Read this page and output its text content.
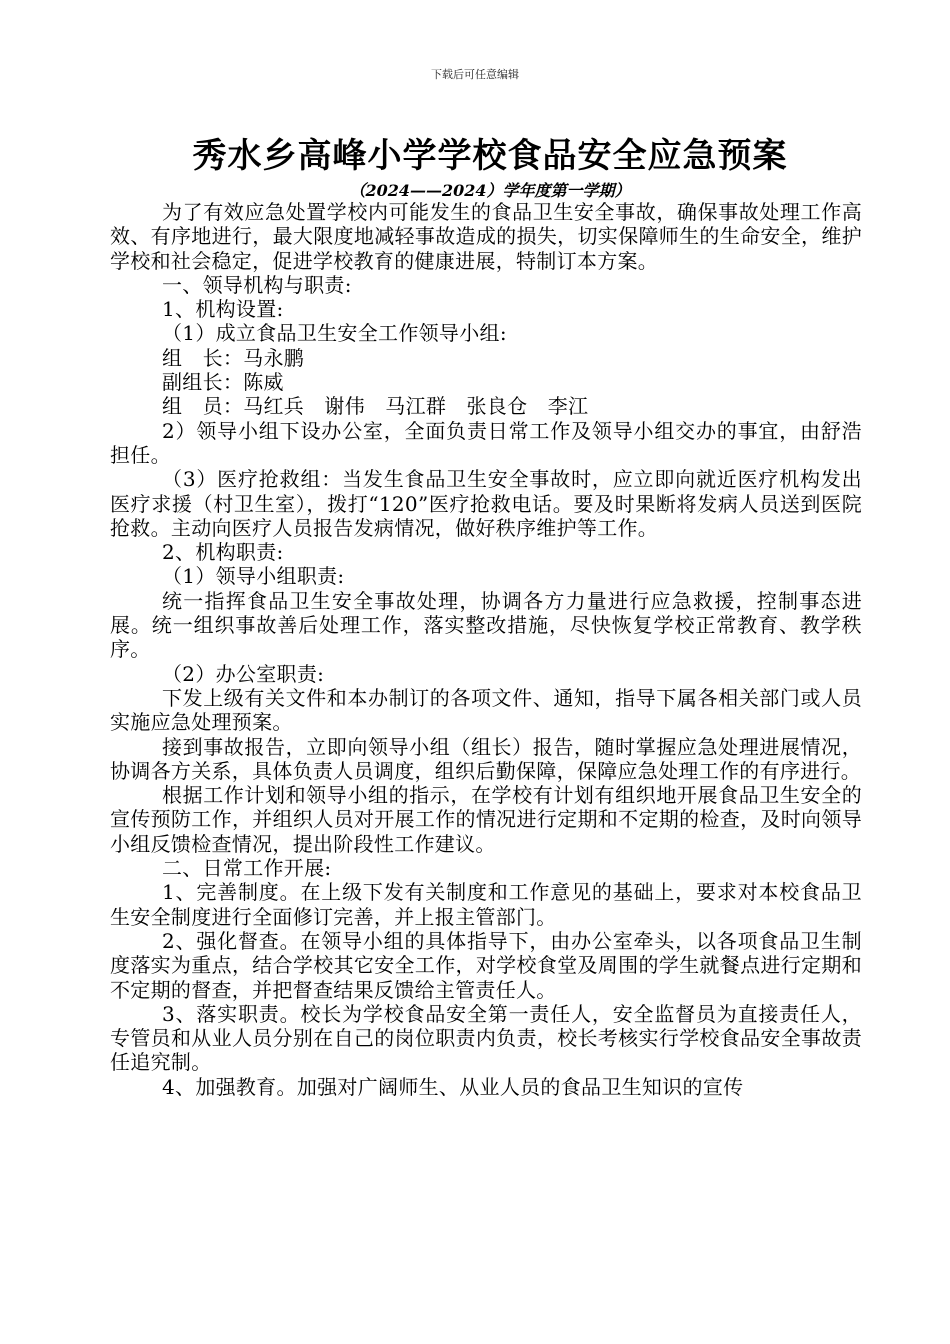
下载后可任意编辑
秀水乡高峰小学学校食品安全应急预案
（2024——2024）学年度第一学期）

为了有效应急处置学校内可能发生的食品卫生安全事故，确保事故处理工作高效、有序地进行，最大限度地减轻事故造成的损失，切实保障师生的生命安全，维护学校和社会稳定，促进学校教育的健康进展，特制订本方案。

一、领导机构与职责:

1、机构设置:

（1）成立食品卫生安全工作领导小组:

组　长：马永鹏

副组长：陈威

组　员：马红兵　谢伟　马江群　张良仓　李江

2）领导小组下设办公室，全面负责日常工作及领导小组交办的事宜，由舒浩担任。

（3）医疗抢救组：当发生食品卫生安全事故时，应立即向就近医疗机构发出医疗求援（村卫生室），拨打“120”医疗抢救电话。要及时果断将发病人员送到医院抢救。主动向医疗人员报告发病情况，做好秩序维护等工作。

2、机构职责:

（1）领导小组职责:

统一指挥食品卫生安全事故处理，协调各方力量进行应急救援，控制事态进展。统一组织事故善后处理工作，落实整改措施，尽快恢复学校正常教育、教学秩序。

（2）办公室职责:

下发上级有关文件和本办制订的各项文件、通知，指导下属各相关部门或人员实施应急处理预案。

接到事故报告，立即向领导小组（组长）报告，随时掌握应急处理进展情况，协调各方关系，具体负责人员调度，组织后勤保障，保障应急处理工作的有序进行。

根据工作计划和领导小组的指示，在学校有计划有组织地开展食品卫生安全的宣传预防工作，并组织人员对开展工作的情况进行定期和不定期的检查，及时向领导小组反馈检查情况，提出阶段性工作建议。

二、日常工作开展:

1、完善制度。在上级下发有关制度和工作意见的基础上，要求对本校食品卫生安全制度进行全面修订完善，并上报主管部门。

2、强化督查。在领导小组的具体指导下，由办公室牵头，以各项食品卫生制度落实为重点，结合学校其它安全工作，对学校食堂及周围的学生就餐点进行定期和不定期的督查，并把督查结果反馈给主管责任人。

3、落实职责。校长为学校食品安全第一责任人，安全监督员为直接责任人，专管员和从业人员分别在自己的岗位职责内负责，校长考核实行学校食品安全事故责任追究制。

4、加强教育。加强对广阔师生、从业人员的食品卫生知识的宣传
